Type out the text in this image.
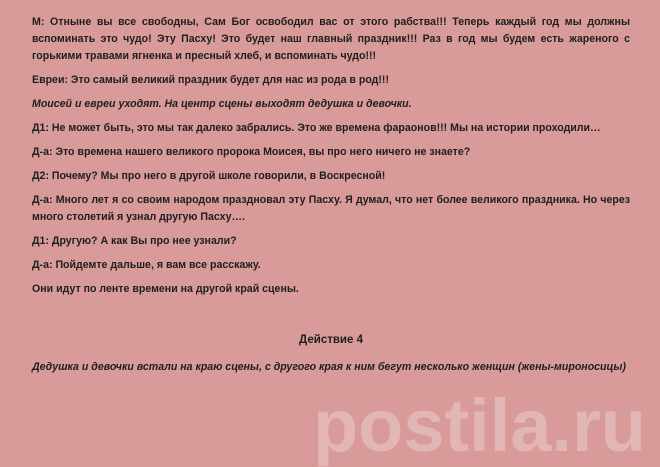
М: Отныне вы все свободны, Сам Бог освободил вас от этого рабства!!! Теперь каждый год мы должны вспоминать это чудо! Эту Пасху! Это будет наш главный праздник!!! Раз в год мы будем есть жареного с горькими травами ягненка и пресный хлеб, и вспоминать чудо!!!

Евреи: Это самый великий праздник будет для нас из рода в род!!!

Моисей и евреи уходят. На центр сцены выходят дедушка и девочки.

Д1: Не может быть, это мы так далеко забрались. Это же времена фараонов!!! Мы на истории проходили…

Д-а: Это времена нашего великого пророка Моисея, вы про него ничего не знаете?

Д2: Почему? Мы про него в другой школе говорили, в Воскресной!

Д-а: Много лет я со своим народом праздновал эту Пасху. Я думал, что нет более великого праздника. Но через много столетий я узнал другую Пасху….

Д1: Другую? А как Вы про нее узнали?

Д-а: Пойдемте дальше, я вам все расскажу.

Они идут по ленте времени на другой край сцены.

Действие 4

Дедушка и девочки встали на краю сцены, с другого края к ним бегут несколько женщин (жены-мироносицы)

postila.ru
